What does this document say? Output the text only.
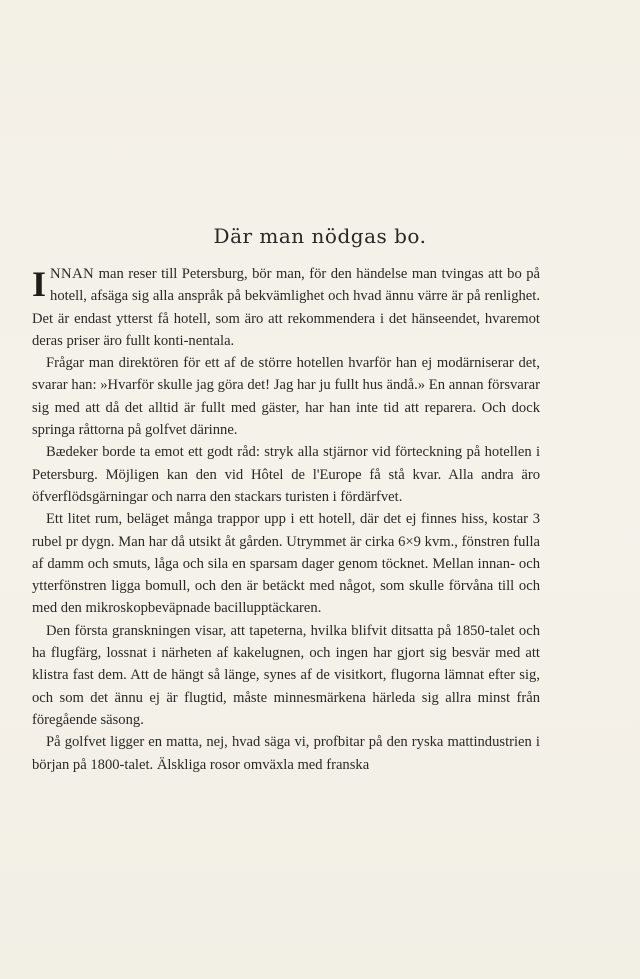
Där man nödgas bo.

INNAN man reser till Petersburg, bör man, för den händelse man tvingas att bo på hotell, afsäga sig alla anspråk på bekvämlighet och hvad ännu värre är på renlighet. Det är endast ytterst få hotell, som äro att rekommendera i det hänseendet, hvaremot deras priser äro fullt konti-nentala.

Frågar man direktören för ett af de större hotellen hvarför han ej modärniserar det, svarar han: »Hvarför skulle jag göra det! Jag har ju fullt hus ändå.» En annan försvarar sig med att då det alltid är fullt med gäster, har han inte tid att reparera. Och dock springa råttorna på golfvet därinne.

Bædeker borde ta emot ett godt råd: stryk alla stjärnor vid förteckning på hotellen i Petersburg. Möjligen kan den vid Hôtel de l'Europe få stå kvar. Alla andra äro öfverflödsgärningar och narra den stackars turisten i fördärfvet.

Ett litet rum, beläget många trappor upp i ett hotell, där det ej finnes hiss, kostar 3 rubel pr dygn. Man har då utsikt åt gården. Utrymmet är cirka 6×9 kvm., fönstren fulla af damm och smuts, låga och sila en sparsam dager genom töcknet. Mellan innan- och ytterfönstren ligga bomull, och den är betäckt med något, som skulle förvåna till och med den mikroskopbeväpnade bacillupptäckaren.

Den första granskningen visar, att tapeterna, hvilka blifvit ditsatta på 1850-talet och ha flugfärg, lossnat i närheten af kakelugnen, och ingen har gjort sig besvär med att klistra fast dem. Att de hängt så länge, synes af de visitkort, flugorna lämnat efter sig, och som det ännu ej är flugtid, måste minnesmärkena härleda sig allra minst från föregående säsong.

På golfvet ligger en matta, nej, hvad säga vi, profbitar på den ryska mattindustrien i början på 1800-talet. Älskliga rosor omväxla med franska
